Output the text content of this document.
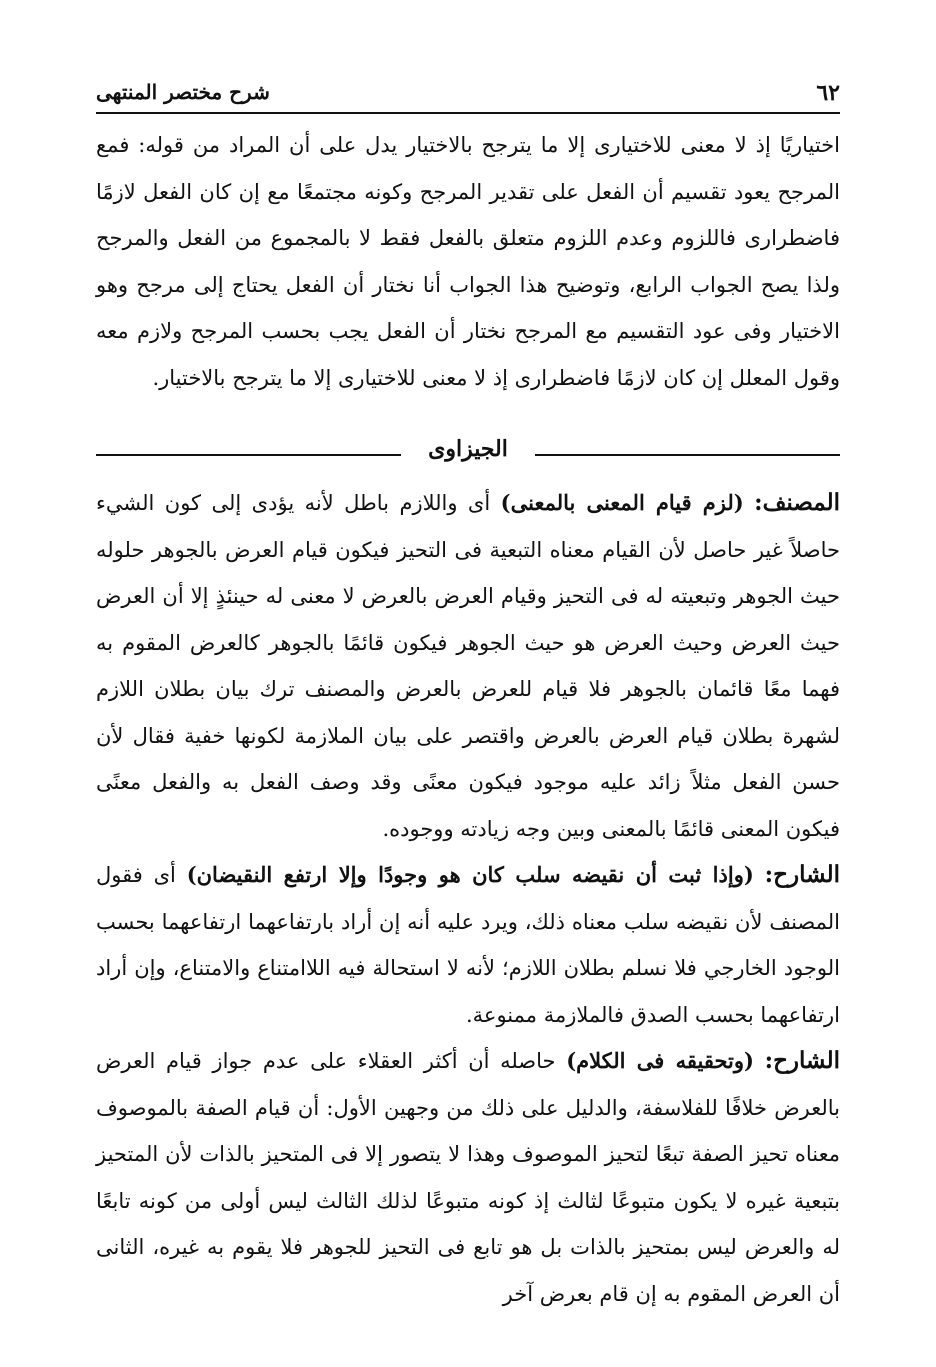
٦٢
شرح مختصر المنتهى

اختياريًا إذ لا معنى للاختيارى إلا ما يترجح بالاختيار يدل على أن المراد من قوله: فمع المرجح يعود تقسيم أن الفعل على تقدير المرجح وكونه مجتمعًا مع إن كان الفعل لازمًا فاضطرارى فاللزوم وعدم اللزوم متعلق بالفعل فقط لا بالمجموع من الفعل والمرجح ولذا يصح الجواب الرابع، وتوضيح هذا الجواب أنا نختار أن الفعل يحتاج إلى مرجح وهو الاختيار وفى عود التقسيم مع المرجح نختار أن الفعل يجب بحسب المرجح ولازم معه وقول المعلل إن كان لازمًا فاضطرارى إذ لا معنى للاختيارى إلا ما يترجح بالاختيار.

الجيزاوى

المصنف: (لزم قيام المعنى بالمعنى) أى واللازم باطل لأنه يؤدى إلى كون الشيء حاصلاً غير حاصل لأن القيام معناه التبعية فى التحيز فيكون قيام العرض بالجوهر حلوله حيث الجوهر وتبعيته له فى التحيز وقيام العرض بالعرض لا معنى له حينئذٍ إلا أن العرض حيث العرض وحيث العرض هو حيث الجوهر فيكون قائمًا بالجوهر كالعرض المقوم به فهما معًا قائمان بالجوهر فلا قيام للعرض بالعرض والمصنف ترك بيان بطلان اللازم لشهرة بطلان قيام العرض بالعرض واقتصر على بيان الملازمة لكونها خفية فقال لأن حسن الفعل مثلاً زائد عليه موجود فيكون معنًى وقد وصف الفعل به والفعل معنًى فيكون المعنى قائمًا بالمعنى وبين وجه زيادته ووجوده.

الشارح: (وإذا ثبت أن نقيضه سلب كان هو وجودًا وإلا ارتفع النقيضان) أى فقول المصنف لأن نقيضه سلب معناه ذلك، ويرد عليه أنه إن أراد بارتفاعهما ارتفاعهما بحسب الوجود الخارجي فلا نسلم بطلان اللازم؛ لأنه لا استحالة فيه اللاامتناع والامتناع، وإن أراد ارتفاعهما بحسب الصدق فالملازمة ممنوعة.

الشارح: (وتحقيقه فى الكلام) حاصله أن أكثر العقلاء على عدم جواز قيام العرض بالعرض خلافًا للفلاسفة، والدليل على ذلك من وجهين الأول: أن قيام الصفة بالموصوف معناه تحيز الصفة تبعًا لتحيز الموصوف وهذا لا يتصور إلا فى المتحيز بالذات لأن المتحيز بتبعية غيره لا يكون متبوعًا لثالث إذ كونه متبوعًا لذلك الثالث ليس أولى من كونه تابعًا له والعرض ليس بمتحيز بالذات بل هو تابع فى التحيز للجوهر فلا يقوم به غيره، الثانى أن العرض المقوم به إن قام بعرض آخر
